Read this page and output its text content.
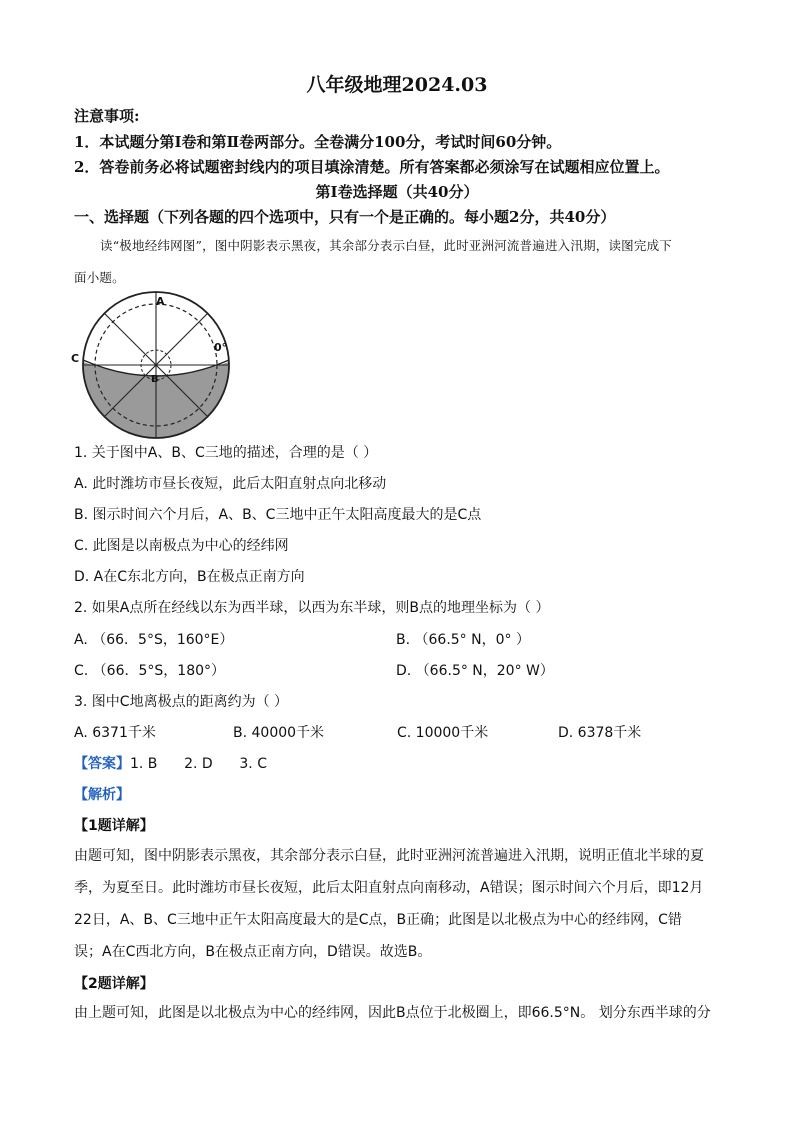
八年级地理2024.03
注意事项:
1．本试题分第Ⅰ卷和第Ⅱ卷两部分。全卷满分100分，考试时间60分钟。
2．答卷前务必将试题密封线内的项目填涂清楚。所有答案都必须涂写在试题相应位置上。
第Ⅰ卷选择题（共40分）
一、选择题（下列各题的四个选项中，只有一个是正确的。每小题2分，共40分）
读“极地经纬网图”，图中阴影表示黑夜，其余部分表示白昼，此时亚洲河流普遍进入汛期，读图完成下
面小题。
A
B
C
0°
1. 关于图中A、B、C三地的描述，合理的是（ ）
A. 此时潍坊市昼长夜短，此后太阳直射点向北移动
B. 图示时间六个月后，A、B、C三地中正午太阳高度最大的是C点
C. 此图是以南极点为中心的经纬网
D. A在C东北方向，B在极点正南方向
2. 如果A点所在经线以东为西半球，以西为东半球，则B点的地理坐标为（ ）
A. （66．5°S，160°E）	B. （66.5° N，0° ）
C. （66．5°S，180°）	D. （66.5° N，20° W）
3. 图中C地离极点的距离约为（ ）
A. 6371千米	B. 40000千米	C. 10000千米	D. 6378千米
【答案】1. B      2. D      3. C
【解析】
【1题详解】
由题可知，图中阴影表示黑夜，其余部分表示白昼，此时亚洲河流普遍进入汛期，说明正值北半球的夏
季，为夏至日。此时潍坊市昼长夜短，此后太阳直射点向南移动，A错误；图示时间六个月后，即12月
22日，A、B、C三地中正午太阳高度最大的是C点，B正确；此图是以北极点为中心的经纬网，C错
误；A在C西北方向，B在极点正南方向，D错误。故选B。
【2题详解】
由上题可知，此图是以北极点为中心的经纬网，因此B点位于北极圈上，即66.5°N。 划分东西半球的分
